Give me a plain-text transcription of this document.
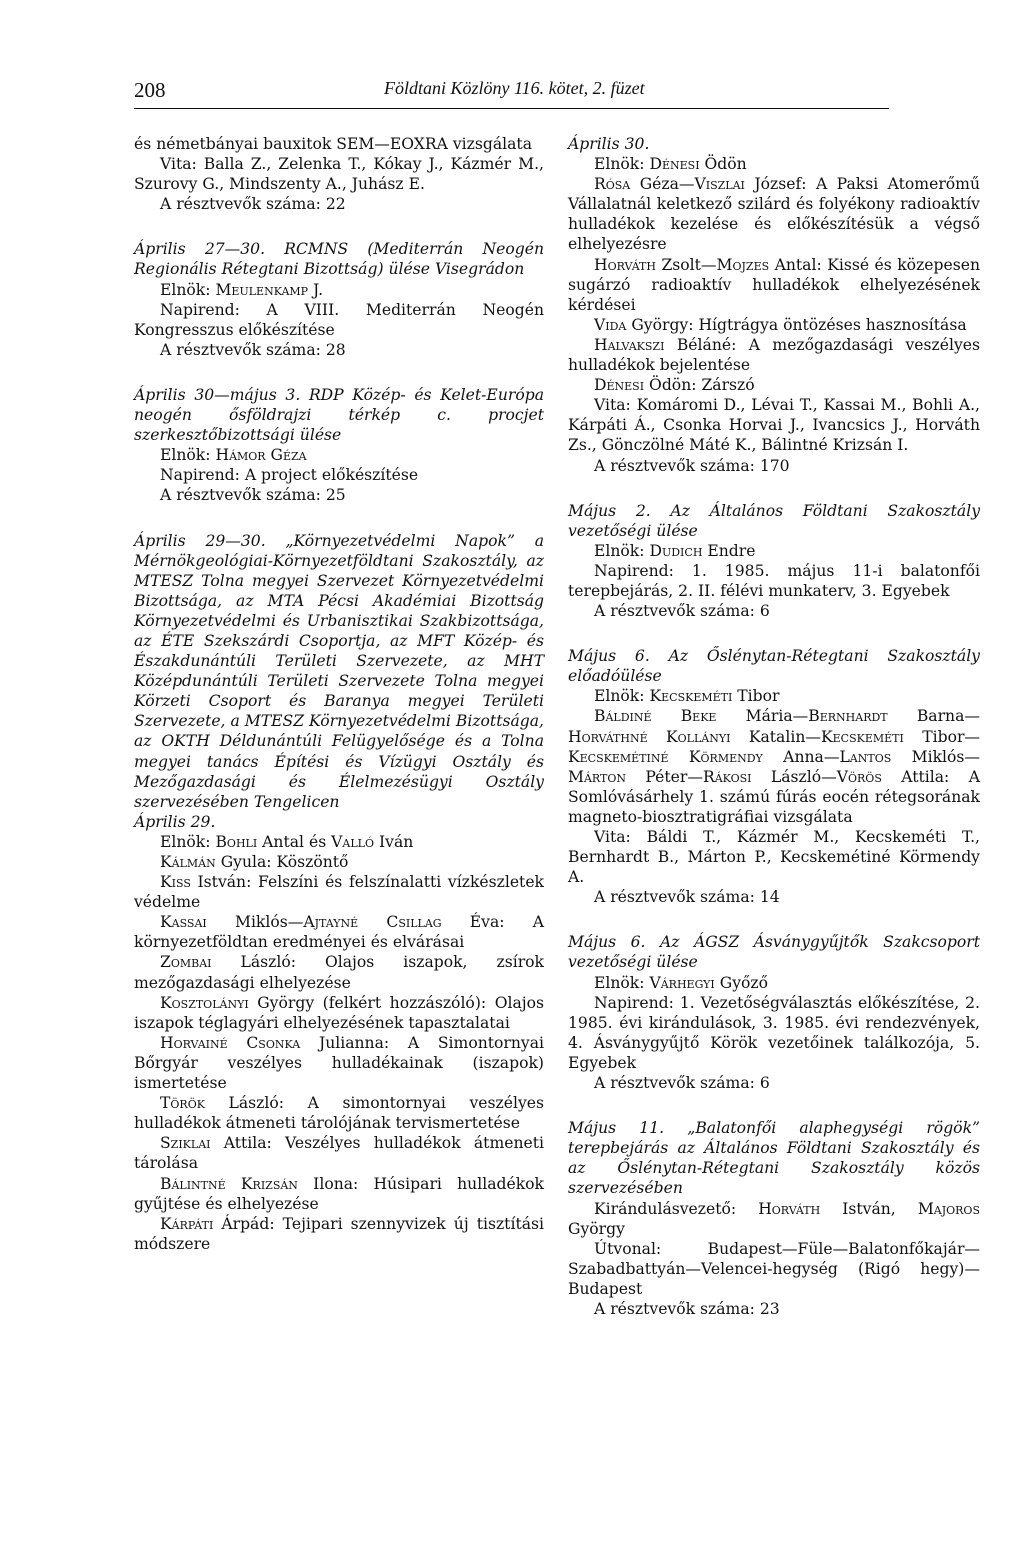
208	Földtani Közlöny 116. kötet, 2. füzet
és németbányai bauxitok SEM—EOXRA vizsgálata
Vita: Balla Z., Zelenka T., Kókay J., Kázmér M., Szurovy G., Mindszenty A., Juhász E.
A résztvevők száma: 22
Április 27—30. RCMNS (Mediterrán Neogén Regionális Rétegtani Bizottság) ülése Visegrádon
Elnök: Meulenkamp J.
Napirend: A VIII. Mediterrán Neogén Kongresszus előkészítése
A résztvevők száma: 28
Április 30—május 3. RDP Közép- és Kelet-Európa neogén ősföldrajzi térkép c. procjet szerkesztőbizottsági ülése
Elnök: Hámor Géza
Napirend: A project előkészítése
A résztvevők száma: 25
Április 29—30. „Környezetvédelmi Napok” a Mérnökgeológiai-Környezetföldtani Szakosztály, az MTESZ Tolna megyei Szervezet Környezetvédelmi Bizottsága, az MTA Pécsi Akadémiai Bizottság Környezetvédelmi és Urbanisztikai Szakbizottsága, az ÉTE Szekszárdi Csoportja, az MFT Közép- és Északdunántúli Területi Szervezete, az MHT Középdunántúli Területi Szervezete Tolna megyei Körzeti Csoport és Baranya megyei Területi Szervezete, a MTESZ Környezetvédelmi Bizottsága, az OKTH Déldunántúli Felügyelősége és a Tolna megyei tanács Építési és Vízügyi Osztály és Mezőgazdasági és Élelmezésügyi Osztály szervezésében Tengelicen
Április 29.
Elnök: Bohli Antal és Valló Iván
Kálmán Gyula: Köszöntő
Kiss István: Felszíni és felszínalatti vízkészletek védelme
Kassai Miklós—Ajtayné Csillag Éva: A környezetföldtan eredményei és elvárásai
Zombai László: Olajos iszapok, zsírok mezőgazdasági elhelyezése
Kosztolányi György (felkért hozzászóló): Olajos iszapok téglagyári elhelyezésének tapasztalatai
Horvainé Csonka Julianna: A Simontornyai Bőrgyár veszélyes hulladékainak (iszapok) ismertetése
Török László: A simontornyai veszélyes hulladékok átmeneti tárolójának tervismertetése
Sziklai Attila: Veszélyes hulladékok átmeneti tárolása
Bálintné Krizsán Ilona: Húsipari hulladékok gyűjtése és elhelyezése
Kárpáti Árpád: Tejipari szennyvizek új tisztítási módszere
Április 30.
Elnök: Dénesi Ödön
Rósa Géza—Viszlai József: A Paksi Atomerőmű Vállalatnál keletkező szilárd és folyékony radioaktív hulladékok kezelése és előkészítésük a végső elhelyezésre
Horváth Zsolt—Mojzes Antal: Kissé és közepesen sugárzó radioaktív hulladékok elhelyezésének kérdései
Vida György: Hígtrágya öntözéses hasznosítása
Halvakszi Béláné: A mezőgazdasági veszélyes hulladékok bejelentése
Dénesi Ödön: Zárszó
Vita: Komáromi D., Lévai T., Kassai M., Bohli A., Kárpáti Á., Csonka Horvai J., Ivancsics J., Horváth Zs., Gönczölné Máté K., Bálintné Krizsán I.
A résztvevők száma: 170
Május 2. Az Általános Földtani Szakosztály vezetőségi ülése
Elnök: Dudich Endre
Napirend: 1. 1985. május 11-i balatonfői terepbejárás, 2. II. félévi munkaterv, 3. Egyebek
A résztvevők száma: 6
Május 6. Az Őslénytan-Rétegtani Szakosztály előadóülése
Elnök: Kecskeméti Tibor
Báldiné Beke Mária—Bernhardt Barna—Horváthné Kollányi Katalin—Kecskeméti Tibor—Kecskemétiné Körmendy Anna—Lantos Miklós—Márton Péter—Rákosi László—Vörös Attila: A Somlóvásárhely 1. számú fúrás eocén rétegsorának magneto-biosztratigráfiai vizsgálata
Vita: Báldi T., Kázmér M., Kecskeméti T., Bernhardt B., Márton P., Kecskemétiné Körmendy A.
A résztvevők száma: 14
Május 6. Az ÁGSZ Ásványgyűjtők Szakcsoport vezetőségi ülése
Elnök: Várhegyi Győző
Napirend: 1. Vezetőségválasztás előkészítése, 2. 1985. évi kirándulások, 3. 1985. évi rendezvények, 4. Ásványgyűjtő Körök vezetőinek találkozója, 5. Egyebek
A résztvevők száma: 6
Május 11. „Balatonfői alaphegységi rögök” terepbejárás az Általános Földtani Szakosztály és az Őslénytan-Rétegtani Szakosztály közös szervezésében
Kirándulásvezető: Horváth István, Majoros György
Útvonal: Budapest—Füle—Balatonfőkajár—Szabadbattyán—Velencei-hegység (Rigó hegy)—Budapest
A résztvevők száma: 23
